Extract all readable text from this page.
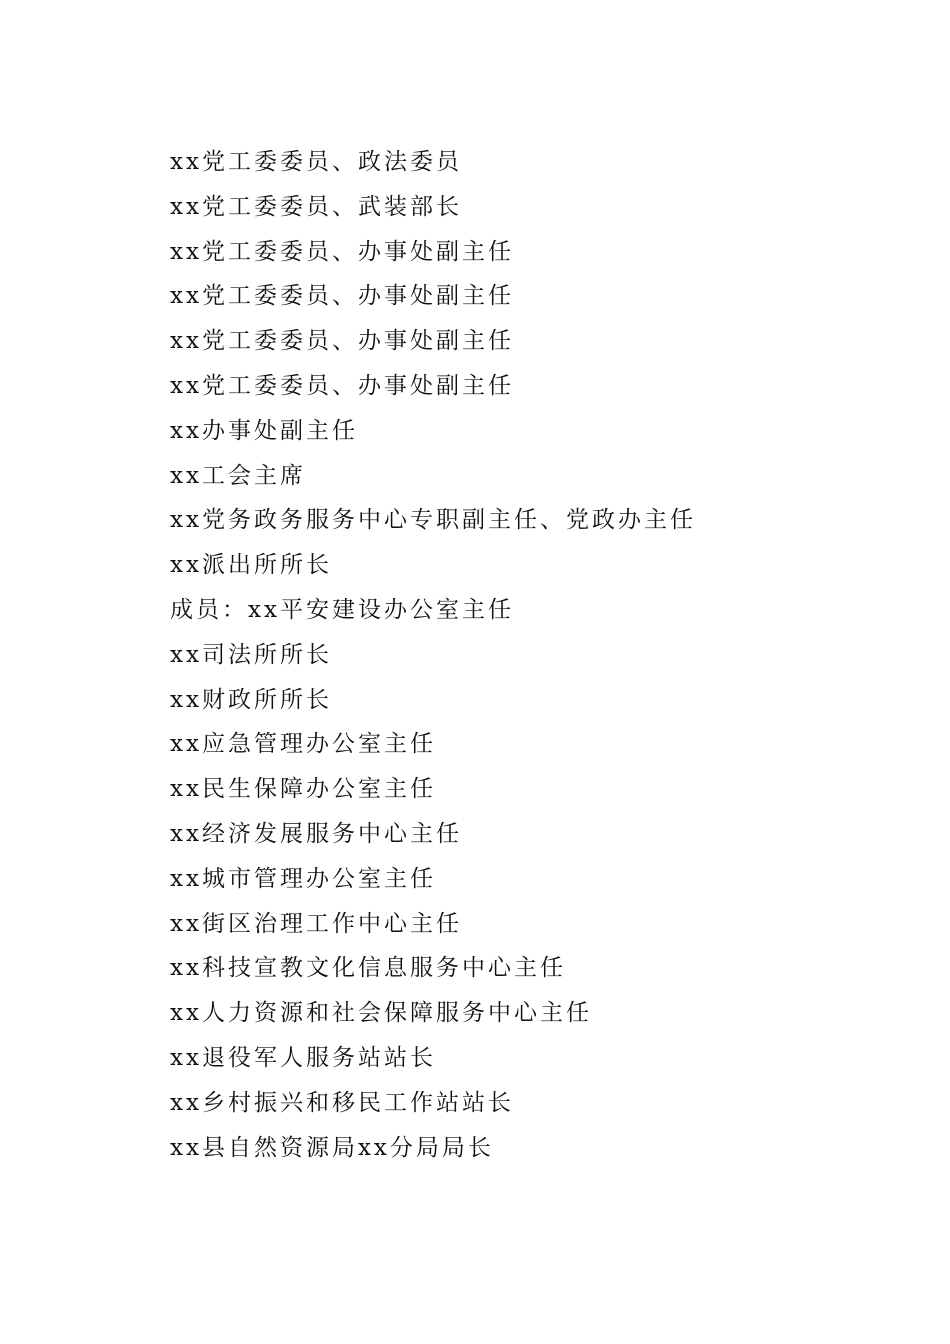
xx党工委委员、政法委员
xx党工委委员、武装部长
xx党工委委员、办事处副主任
xx党工委委员、办事处副主任
xx党工委委员、办事处副主任
xx党工委委员、办事处副主任
xx办事处副主任
xx工会主席
xx党务政务服务中心专职副主任、党政办主任
xx派出所所长
成员：xx平安建设办公室主任
xx司法所所长
xx财政所所长
xx应急管理办公室主任
xx民生保障办公室主任
xx经济发展服务中心主任
xx城市管理办公室主任
xx街区治理工作中心主任
xx科技宣教文化信息服务中心主任
xx人力资源和社会保障服务中心主任
xx退役军人服务站站长
xx乡村振兴和移民工作站站长
xx县自然资源局xx分局局长
